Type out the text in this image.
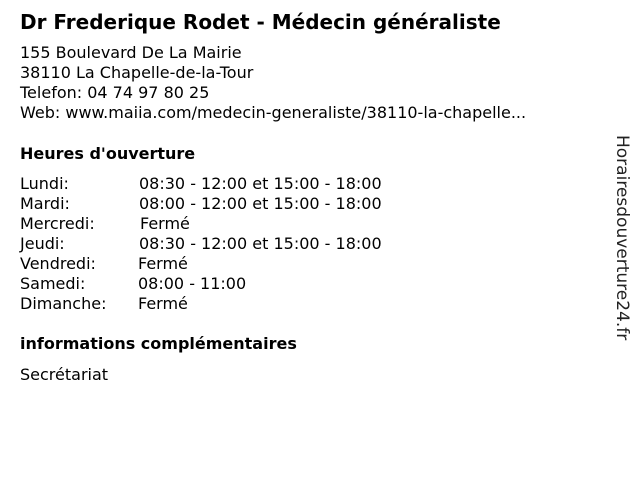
Dr Frederique Rodet - Médecin généraliste
155 Boulevard De La Mairie
38110 La Chapelle-de-la-Tour
Telefon: 04 74 97 80 25
Web: www.maiia.com/medecin-generaliste/38110-la-chapelle...
Heures d'ouverture
Lundi:	08:30 - 12:00 et 15:00 - 18:00
Mardi:	08:00 - 12:00 et 15:00 - 18:00
Mercredi:	Fermé
Jeudi:	08:30 - 12:00 et 15:00 - 18:00
Vendredi:	Fermé
Samedi:	08:00 - 11:00
Dimanche: Fermé
informations complémentaires
Secrétariat
Horairesdouverture24.fr
